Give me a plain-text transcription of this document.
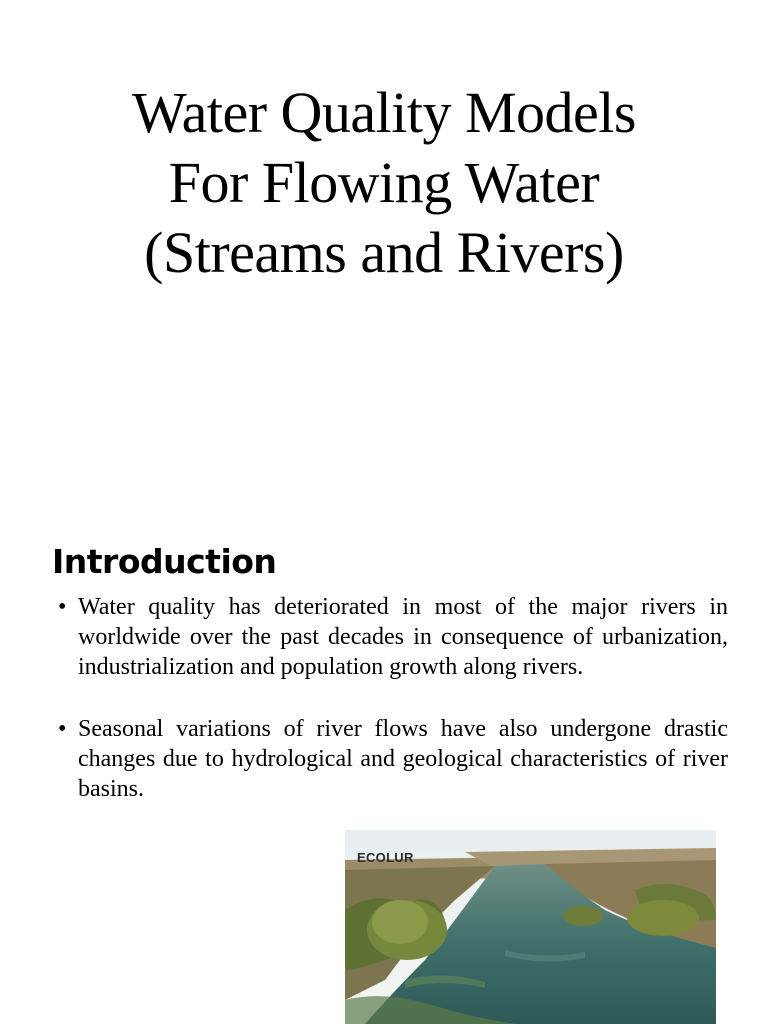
Water Quality Models
For Flowing Water
(Streams and Rivers)
Introduction
• Water quality has deteriorated in most of the major rivers in worldwide over the past decades in consequence of urbanization, industrialization and population growth along rivers.
• Seasonal variations of river flows have also undergone drastic changes due to hydrological and geological characteristics of river basins.
ECOLUR
